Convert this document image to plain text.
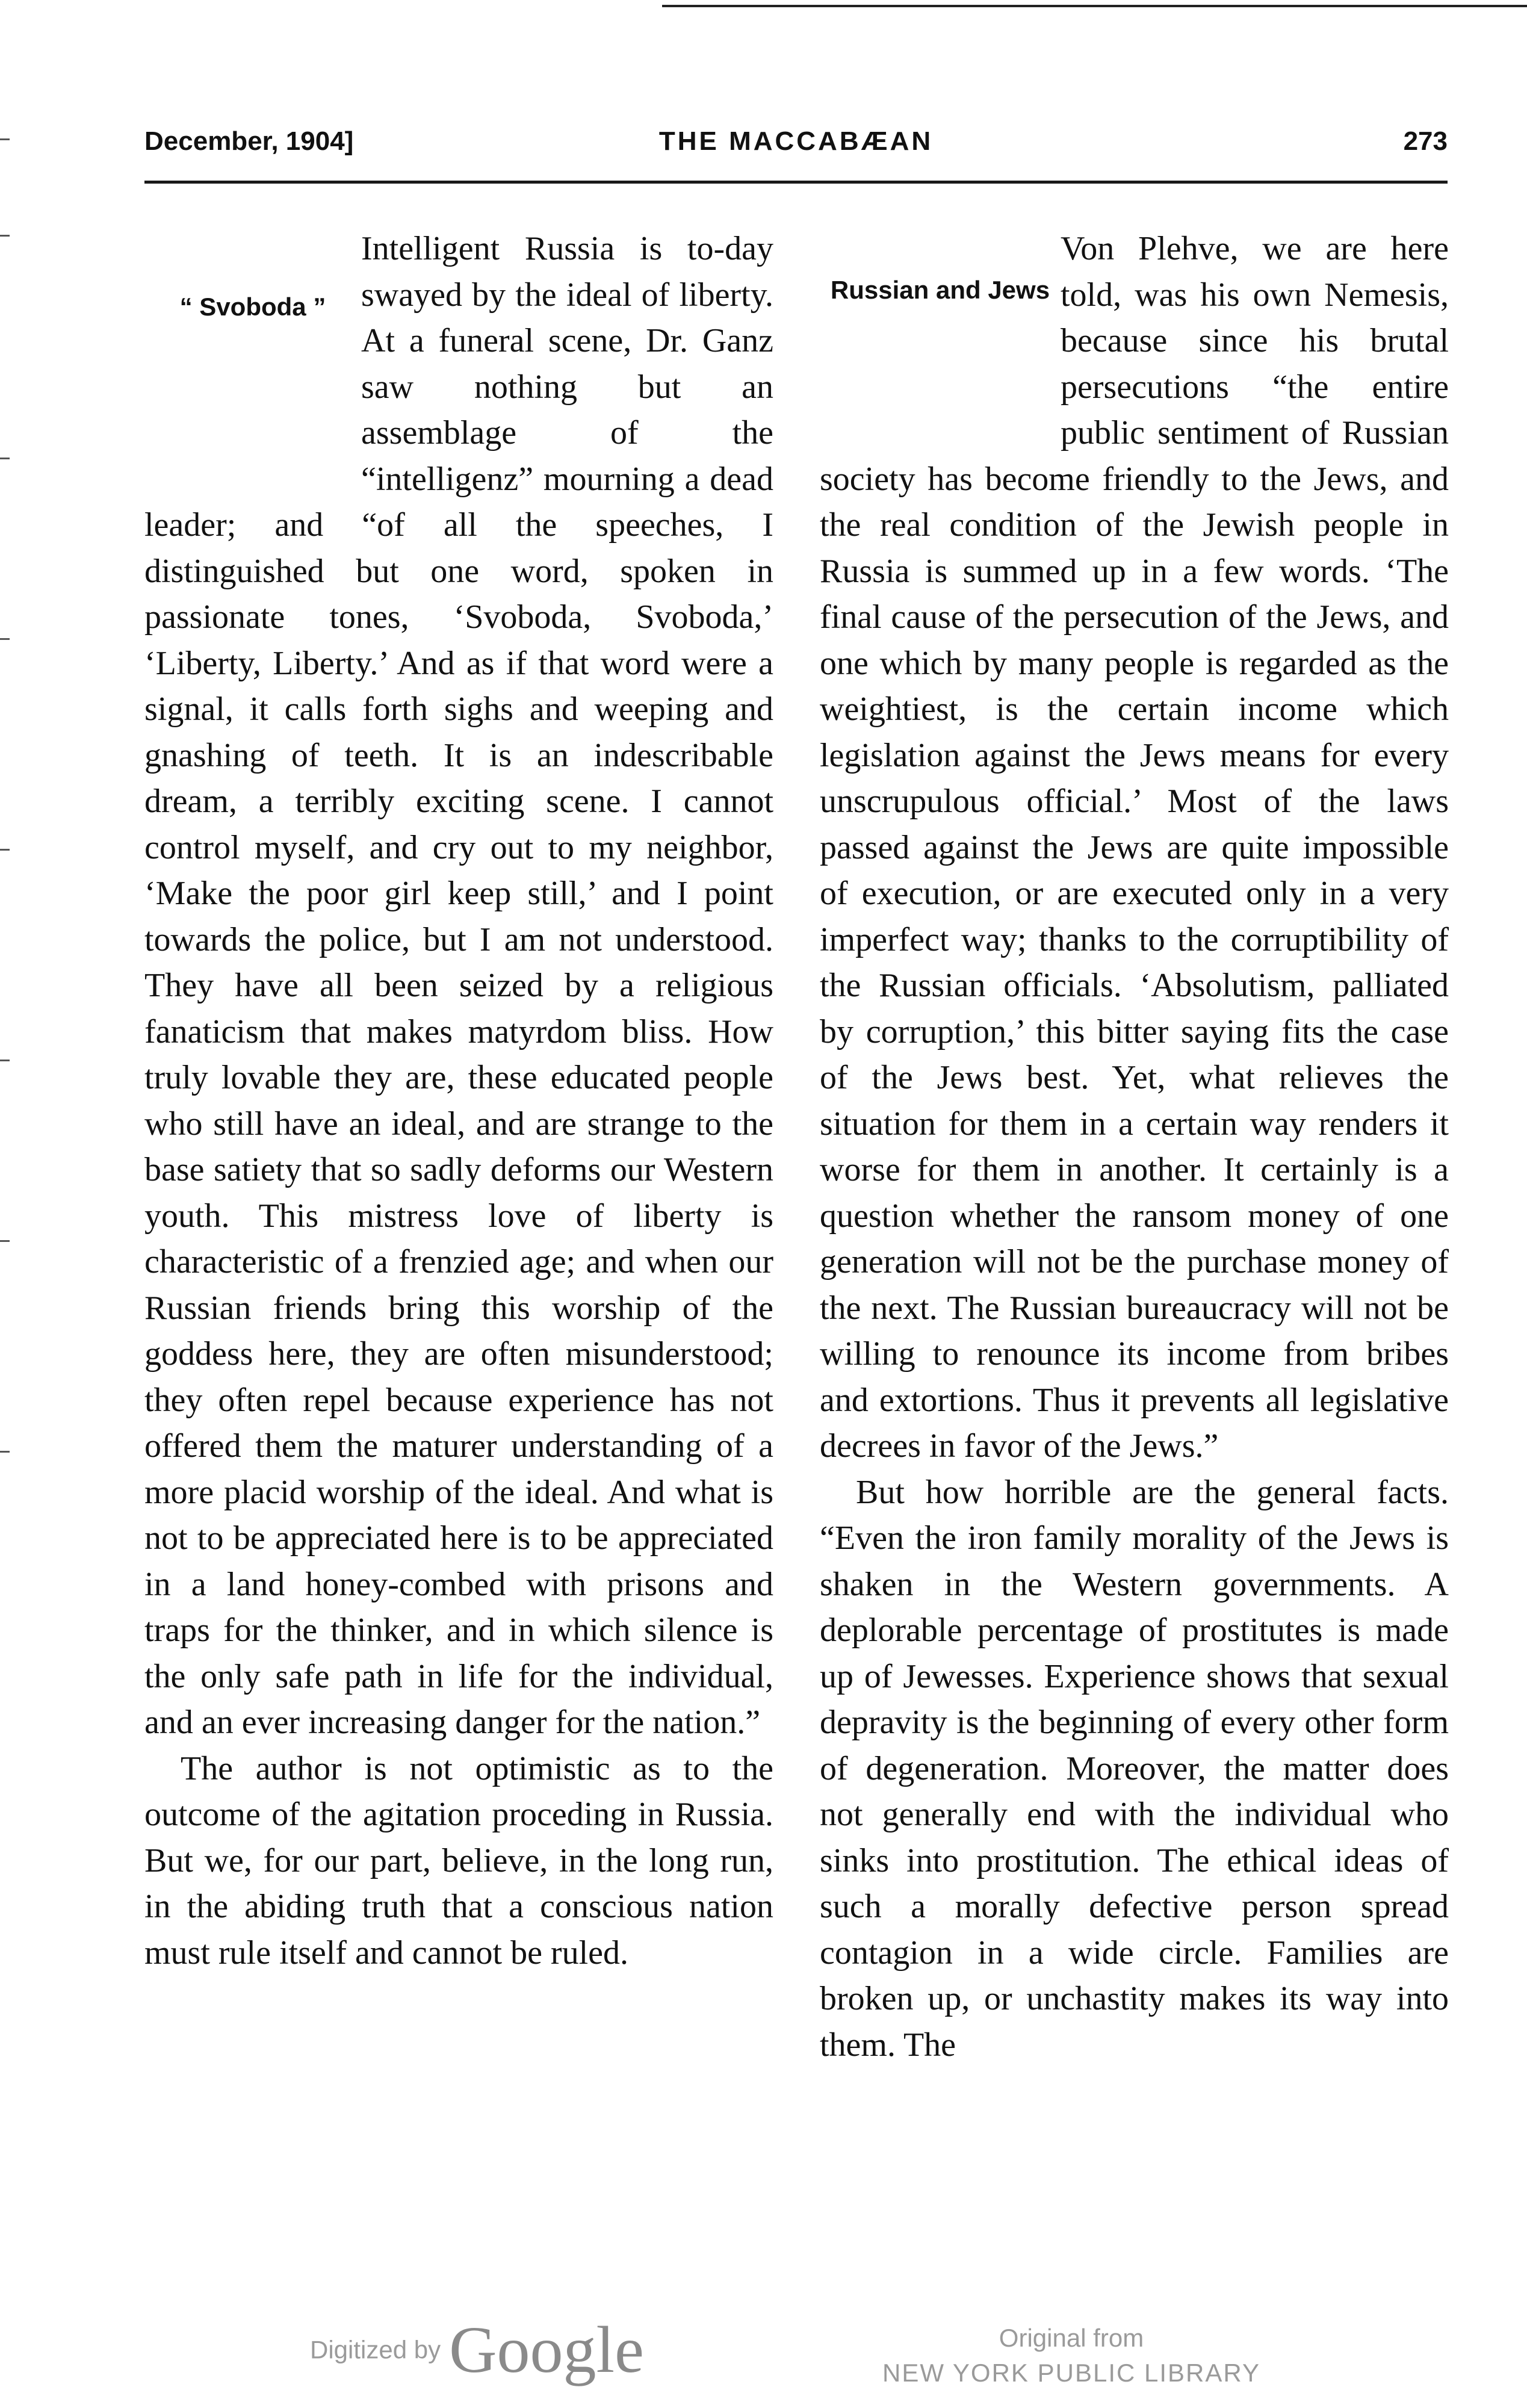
December, 1904]	THE MACCABÆAN	273
“ Svoboda ”

Intelligent Russia is to-day swayed by the ideal of liberty. At a funeral scene, Dr. Ganz saw nothing but an assemblage of the “intelligenz” mourning a dead leader; and “of all the speeches, I distinguished but one word, spoken in passionate tones, ‘Svoboda, Svoboda,’ ‘Liberty, Liberty.’ And as if that word were a signal, it calls forth sighs and weeping and gnashing of teeth. It is an indescribable dream, a terribly exciting scene. I cannot control myself, and cry out to my neighbor, ‘Make the poor girl keep still,’ and I point towards the police, but I am not understood. They have all been seized by a religious fanaticism that makes matyrdom bliss. How truly lovable they are, these educated people who still have an ideal, and are strange to the base satiety that so sadly deforms our Western youth. This mistress love of liberty is characteristic of a frenzied age; and when our Russian friends bring this worship of the goddess here, they are often misunderstood; they often repel because experience has not offered them the maturer understanding of a more placid worship of the ideal. And what is not to be appreciated here is to be appreciated in a land honey-combed with prisons and traps for the thinker, and in which silence is the only safe path in life for the individual, and an ever increasing danger for the nation.”

The author is not optimistic as to the outcome of the agitation proceding in Russia. But we, for our part, believe, in the long run, in the abiding truth that a conscious nation must rule itself and cannot be ruled.

Russian and Jews

Von Plehve, we are here told, was his own Nemesis, because since his brutal persecutions “the entire public sentiment of Russian society has become friendly to the Jews, and the real condition of the Jewish people in Russia is summed up in a few words. ‘The final cause of the persecution of the Jews, and one which by many people is regarded as the weightiest, is the certain income which legislation against the Jews means for every unscrupulous official.’ Most of the laws passed against the Jews are quite impossible of execution, or are executed only in a very imperfect way; thanks to the corruptibility of the Russian officials. ‘Absolutism, palliated by corruption,’ this bitter saying fits the case of the Jews best. Yet, what relieves the situation for them in a certain way renders it worse for them in another. It certainly is a question whether the ransom money of one generation will not be the purchase money of the next. The Russian bureaucracy will not be willing to renounce its income from bribes and extortions. Thus it prevents all legislative decrees in favor of the Jews.”

But how horrible are the general facts. “Even the iron family morality of the Jews is shaken in the Western governments. A deplorable percentage of prostitutes is made up of Jewesses. Experience shows that sexual depravity is the beginning of every other form of degeneration. Moreover, the matter does not generally end with the individual who sinks into prostitution. The ethical ideas of such a morally defective person spread contagion in a wide circle. Families are broken up, or unchastity makes its way into them. The

Digitized by Google	Original from
NEW YORK PUBLIC LIBRARY
